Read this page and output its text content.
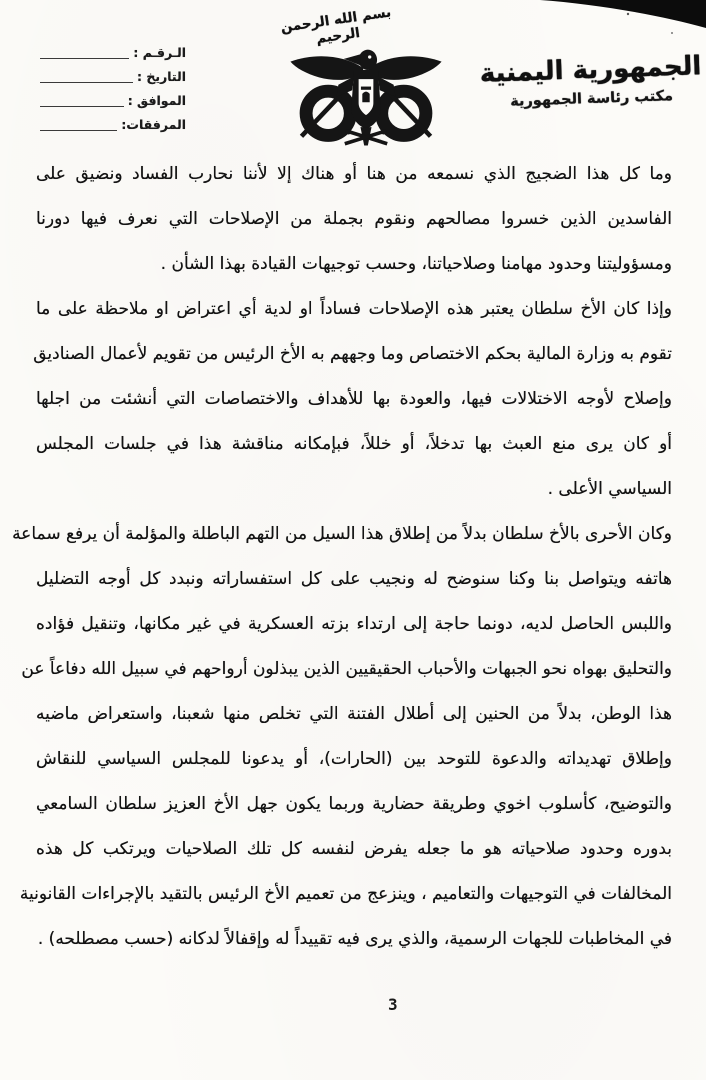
الـرقـم :
التاريخ :
الموافق :
المرفقات:
بسم الله الرحمن الرحيم
الجمهورية اليمنية
مكتب رئاسة الجمهورية
وما كل هذا الضجيج الذي نسمعه من هنا أو هناك إلا لأننا نحارب الفساد ونضيق على
الفاسدين الذين خسروا مصالحهم ونقوم بجملة من الإصلاحات التي نعرف فيها دورنا
ومسؤوليتنا وحدود مهامنا وصلاحياتنا، وحسب توجيهات القيادة بهذا الشأن .
وإذا كان الأخ سلطان يعتبر هذه الإصلاحات فساداً او لدية أي اعتراض او ملاحظة على ما
تقوم به وزارة المالية بحكم الاختصاص وما وجههم به الأخ الرئيس من تقويم لأعمال الصناديق
وإصلاح لأوجه الاختلالات فيها، والعودة بها للأهداف والاختصاصات التي أنشئت من اجلها
أو كان يرى منع العبث بها تدخلاً، أو خللاً، فبإمكانه مناقشة هذا في جلسات المجلس
السياسي الأعلى .
وكان الأحرى بالأخ سلطان بدلاً من إطلاق هذا السيل من التهم الباطلة والمؤلمة أن يرفع سماعة
هاتفه ويتواصل بنا وكنا سنوضح له ونجيب على كل استفساراته ونبدد كل أوجه التضليل
واللبس الحاصل لديه، دونما حاجة إلى ارتداء بزته العسكرية في غير مكانها، وتنقيل فؤاده
والتحليق بهواه نحو الجبهات والأحباب الحقيقيين الذين يبذلون أرواحهم في سبيل الله دفاعاً عن
هذا الوطن، بدلاً من الحنين إلى أطلال الفتنة التي تخلص منها شعبنا، واستعراض ماضيه
وإطلاق تهديداته والدعوة للتوحد بين (الحارات)، أو يدعونا للمجلس السياسي للنقاش
والتوضيح، كأسلوب اخوي وطريقة حضارية وربما يكون جهل الأخ العزيز سلطان السامعي
بدوره وحدود صلاحياته هو ما جعله يفرض لنفسه كل تلك الصلاحيات ويرتكب كل هذه
المخالفات في التوجيهات والتعاميم ، وينزعج من تعميم الأخ الرئيس بالتقيد بالإجراءات القانونية
في المخاطبات للجهات الرسمية، والذي يرى فيه تقييداً له وإقفالاً لدكانه (حسب مصطلحه) .
3
